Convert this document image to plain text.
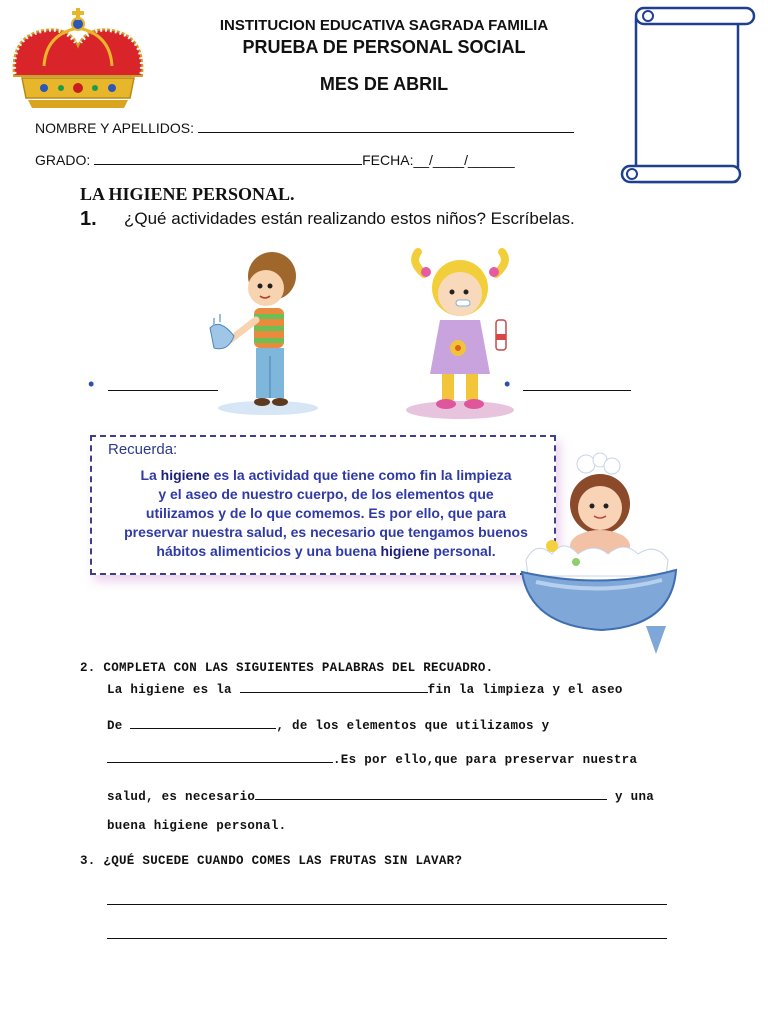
INSTITUCION EDUCATIVA SAGRADA FAMILIA
PRUEBA DE PERSONAL SOCIAL
MES DE ABRIL
NOMBRE Y APELLIDOS:
GRADO:	FECHA:__/____/______
LA HIGIENE PERSONAL.
1. ¿Qué actividades están realizando estos niños? Escríbelas.
•	•
Recuerda:
La higiene es la actividad que tiene como fin la limpieza
y el aseo de nuestro cuerpo, de los elementos que
utilizamos y de lo que comemos. Es por ello, que para
preservar nuestra salud, es necesario que tengamos buenos
hábitos alimenticios y una buena higiene personal.
2. COMPLETA CON LAS SIGUIENTES PALABRAS DEL RECUADRO.
La higiene es la	fin la limpieza y el aseo
De	, de los elementos que utilizamos y
.Es por ello,que para preservar nuestra
salud, es necesario	y una
buena higiene personal.
3. ¿QUÉ SUCEDE CUANDO COMES LAS FRUTAS SIN LAVAR?
